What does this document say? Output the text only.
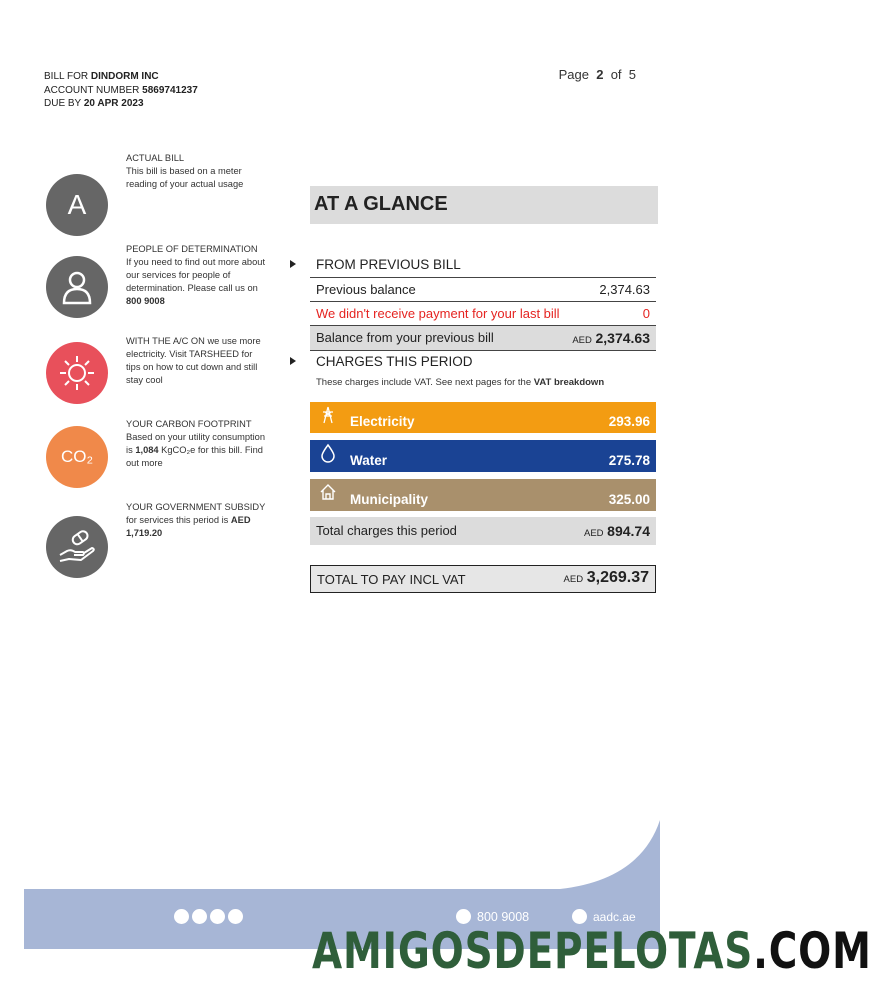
BILL FOR DINDORM INC
ACCOUNT NUMBER 5869741237
DUE BY 20 APR 2023
Page 2 of 5
A
ACTUAL BILL
This bill is based on a meter reading of your actual usage
PEOPLE OF DETERMINATION
If you need to find out more about our services for people of determination. Please call us on 800 9008
WITH THE A/C ON we use more electricity. Visit TARSHEED for tips on how to cut down and still stay cool
CO₂
YOUR CARBON FOOTPRINT
Based on your utility consumption is 1,084 KgCO₂e for this bill. Find out more
YOUR GOVERNMENT SUBSIDY for services this period is AED 1,719.20
AT A GLANCE
FROM PREVIOUS BILL
Previous balance	2,374.63
We didn't receive payment for your last bill	0
Balance from your previous bill	AED 2,374.63
CHARGES THIS PERIOD
These charges include VAT. See next pages for the VAT breakdown
Electricity	293.96
Water	275.78
Municipality	325.00
Total charges this period	AED 894.74
TOTAL TO PAY INCL VAT	AED 3,269.37
800 9008	aadc.ae
AMIGOSDEPELOTAS.COM
